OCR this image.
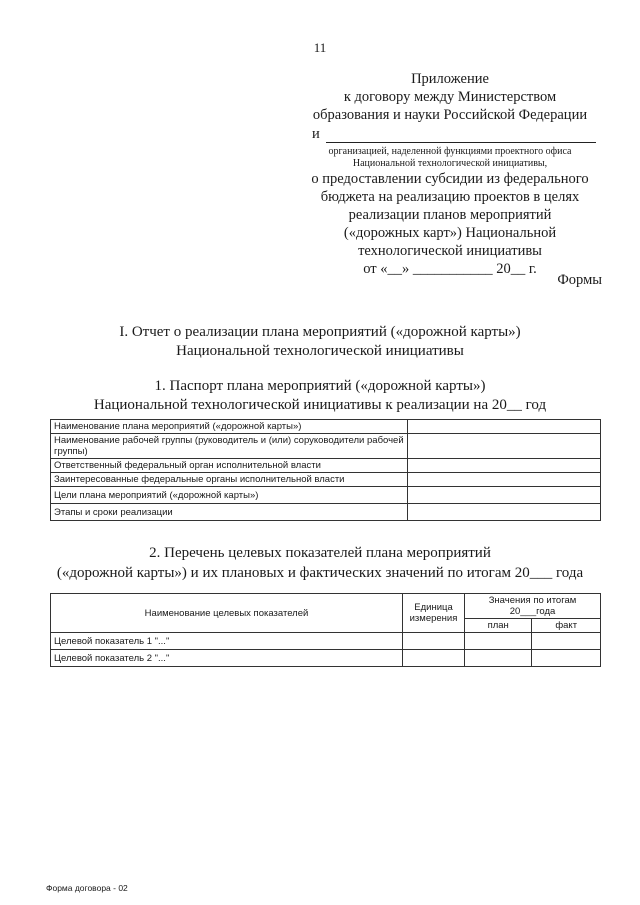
11
Приложение
к договору между Министерством
образования и науки Российской Федерации
и
организацией, наделенной функциями проектного офиса
Национальной технологической инициативы,
о предоставлении субсидии из федерального
бюджета на реализацию проектов в целях
реализации планов мероприятий
(«дорожных карт») Национальной
технологической инициативы
от «__» ___________ 20__ г.
Формы
I. Отчет о реализации плана мероприятий («дорожной карты»)
Национальной технологической инициативы
1. Паспорт плана мероприятий («дорожной карты»)
Национальной технологической инициативы к реализации на 20__ год
Наименование плана мероприятий («дорожной карты»)	
Наименование рабочей группы (руководитель и (или) соруководители рабочей группы)	
Ответственный федеральный орган исполнительной власти	
Заинтересованные федеральные органы исполнительной власти	
Цели плана мероприятий («дорожной карты»)	
Этапы и сроки реализации	
2. Перечень целевых показателей плана мероприятий
(«дорожной карты») и их плановых и фактических значений по итогам 20___ года
Наименование целевых показателей	Единица измерения	Значения по итогам
20___года	

		план	факт
Целевой показатель 1 "..."			
Целевой показатель 2 "..."			
Форма договора - 02
